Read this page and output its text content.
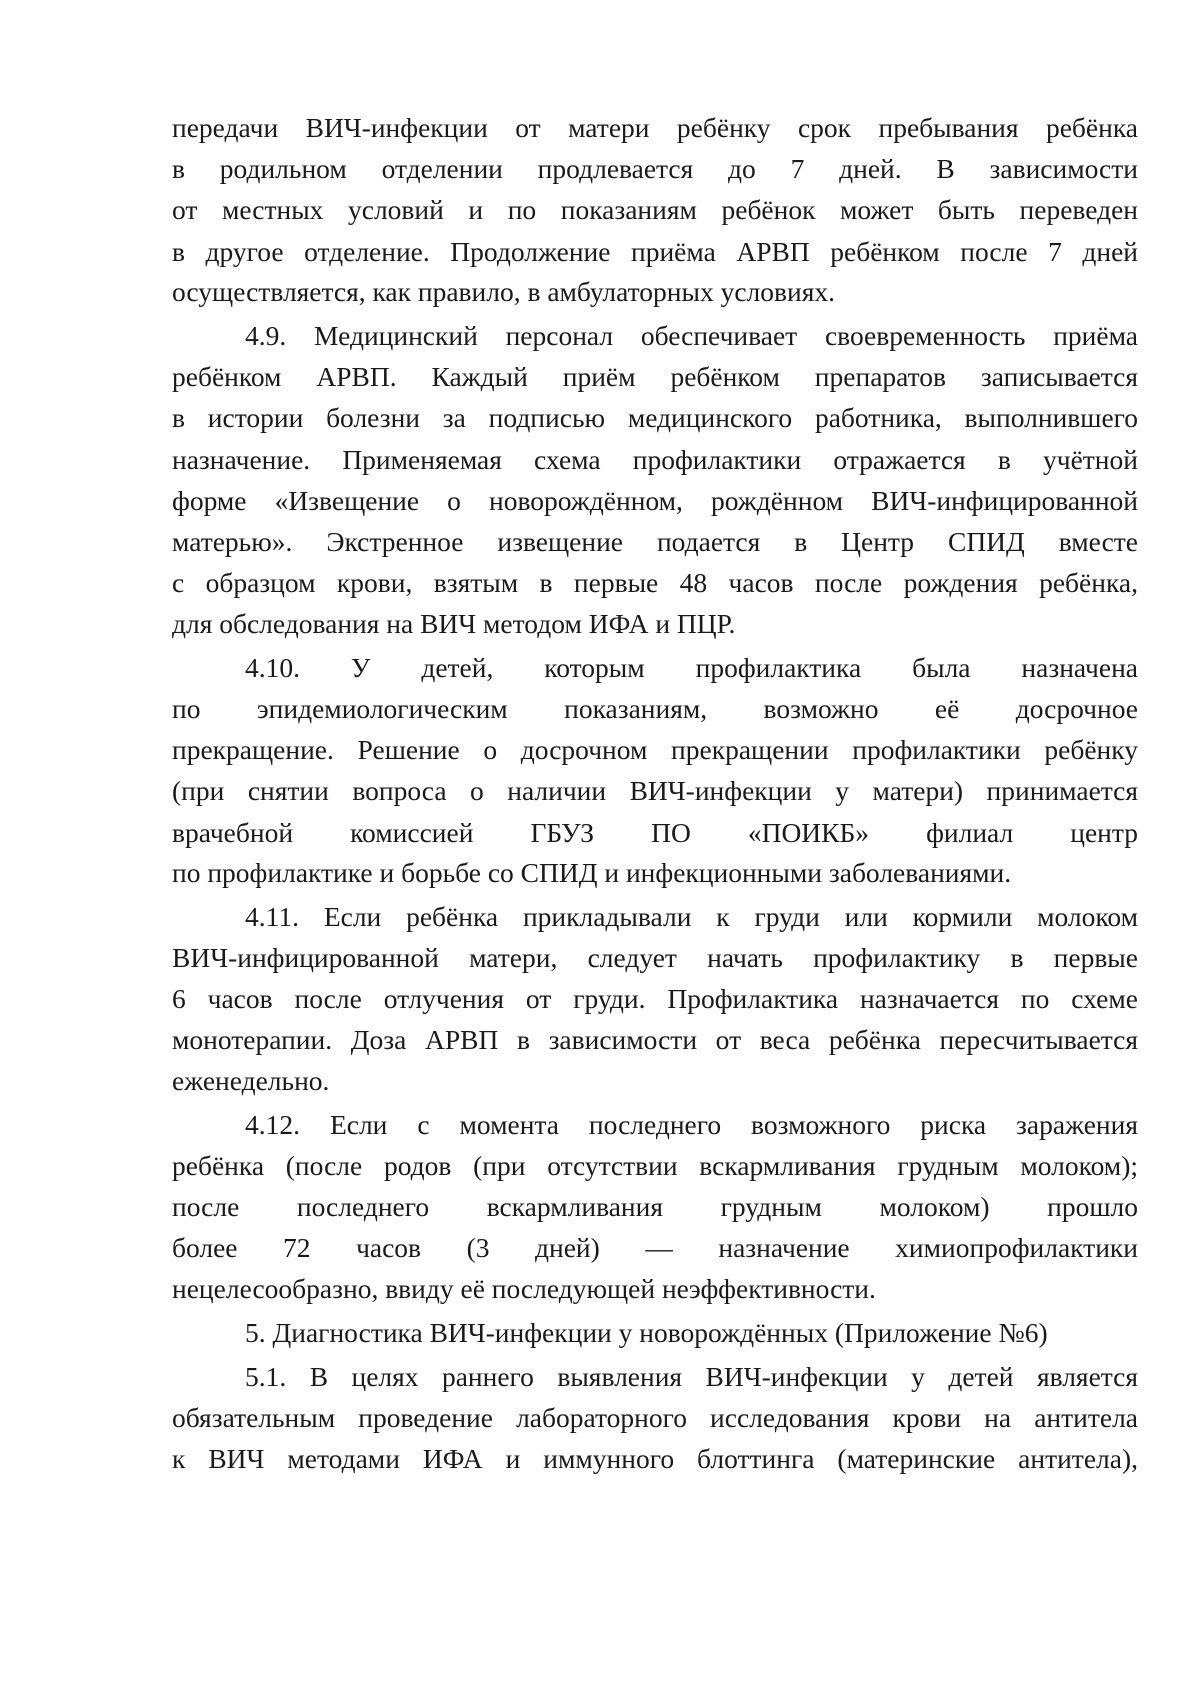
передачи ВИЧ-инфекции от матери ребёнку срок пребывания ребёнка
в родильном отделении продлевается до 7 дней. В зависимости
от местных условий и по показаниям ребёнок может быть переведен
в другое отделение. Продолжение приёма АРВП ребёнком после 7 дней
осуществляется, как правило, в амбулаторных условиях.
4.9. Медицинский персонал обеспечивает своевременность приёма
ребёнком АРВП. Каждый приём ребёнком препаратов записывается
в истории болезни за подписью медицинского работника, выполнившего
назначение. Применяемая схема профилактики отражается в учётной
форме «Извещение о новорождённом, рождённом ВИЧ-инфицированной
матерью». Экстренное извещение подается в Центр СПИД вместе
с образцом крови, взятым в первые 48 часов после рождения ребёнка,
для обследования на ВИЧ методом ИФА и ПЦР.
4.10. У детей, которым профилактика была назначена
по эпидемиологическим показаниям, возможно её досрочное
прекращение. Решение о досрочном прекращении профилактики ребёнку
(при снятии вопроса о наличии ВИЧ-инфекции у матери) принимается
врачебной комиссией ГБУЗ ПО «ПОИКБ» филиал центр
по профилактике и борьбе со СПИД и инфекционными заболеваниями.
4.11. Если ребёнка прикладывали к груди или кормили молоком
ВИЧ-инфицированной матери, следует начать профилактику в первые
6 часов после отлучения от груди. Профилактика назначается по схеме
монотерапии. Доза АРВП в зависимости от веса ребёнка пересчитывается
еженедельно.
4.12. Если с момента последнего возможного риска заражения
ребёнка (после родов (при отсутствии вскармливания грудным молоком);
после последнего вскармливания грудным молоком) прошло
более 72 часов (3 дней) — назначение химиопрофилактики
нецелесообразно, ввиду её последующей неэффективности.
5. Диагностика ВИЧ-инфекции у новорождённых (Приложение №6)
5.1. В целях раннего выявления ВИЧ-инфекции у детей является
обязательным проведение лабораторного исследования крови на антитела
к ВИЧ методами ИФА и иммунного блоттинга (материнские антитела),
